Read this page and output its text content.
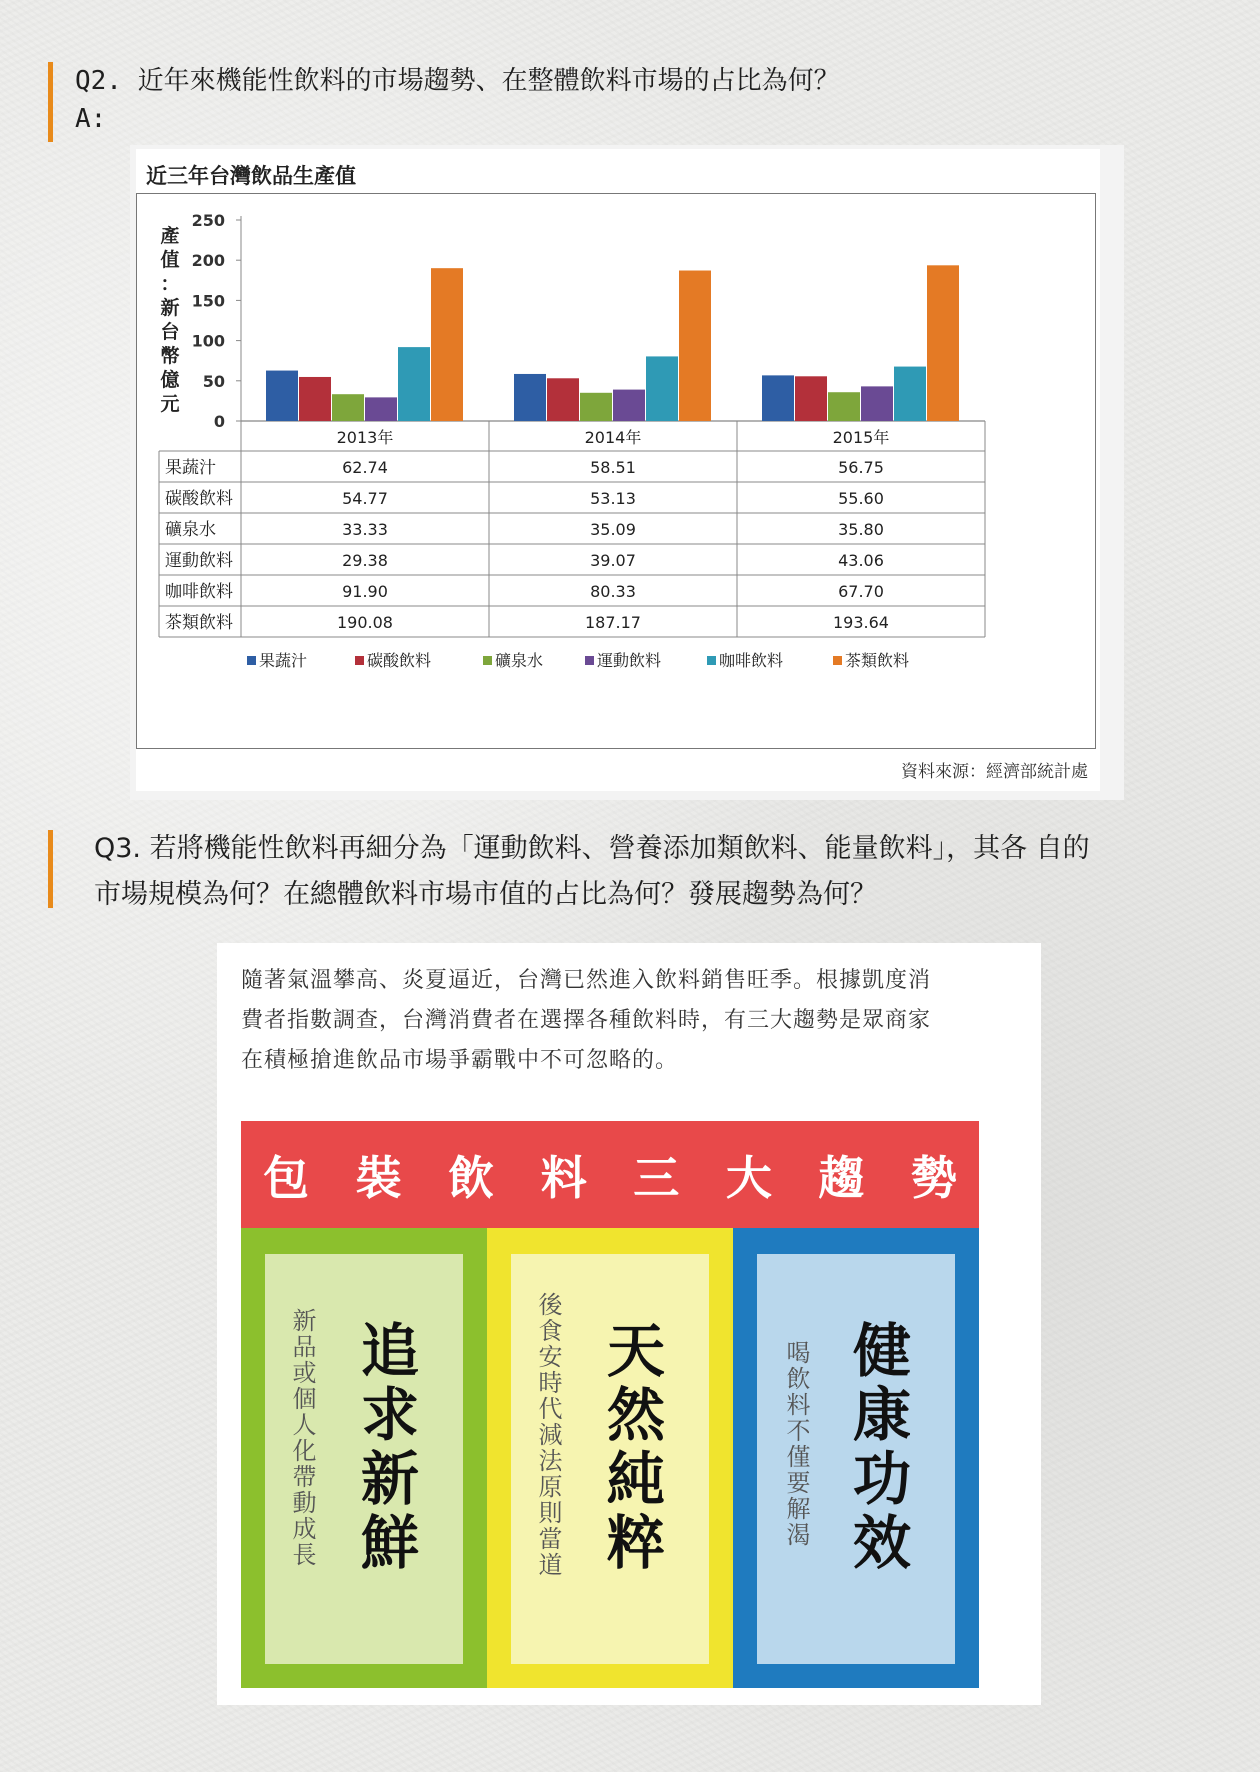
Q2. 近年來機能性飲料的市場趨勢、在整體飲料市場的占比為何？
A:
近三年台灣飲品生產值
0
50
100
150
200
250
產
值
：
新
台
幣
億
元
2013年	2014年	2015年
果蔬汁	62.74	58.51	56.75
碳酸飲料	54.77	53.13	55.60
礦泉水	33.33	35.09	35.80
運動飲料	29.38	39.07	43.06
咖啡飲料	91.90	80.33	67.70
茶類飲料	190.08	187.17	193.64
果蔬汁	碳酸飲料	礦泉水	運動飲料	咖啡飲料	茶類飲料
資料來源：經濟部統計處
Q3. 若將機能性飲料再細分為「運動飲料、營養添加類飲料、能量飲料」，其各 自的
市場規模為何？在總體飲料市場市值的占比為何？發展趨勢為何？
隨著氣溫攀高、炎夏逼近，台灣已然進入飲料銷售旺季。根據凱度消
費者指數調查，台灣消費者在選擇各種飲料時，有三大趨勢是眾商家
在積極搶進飲品市場爭霸戰中不可忽略的。
包 裝 飲 料 三 大 趨 勢
追求新鮮
新品或個人化帶動成長	天然純粹
後食安時代減法原則當道	健康功效
喝飲料不僅要解渴
